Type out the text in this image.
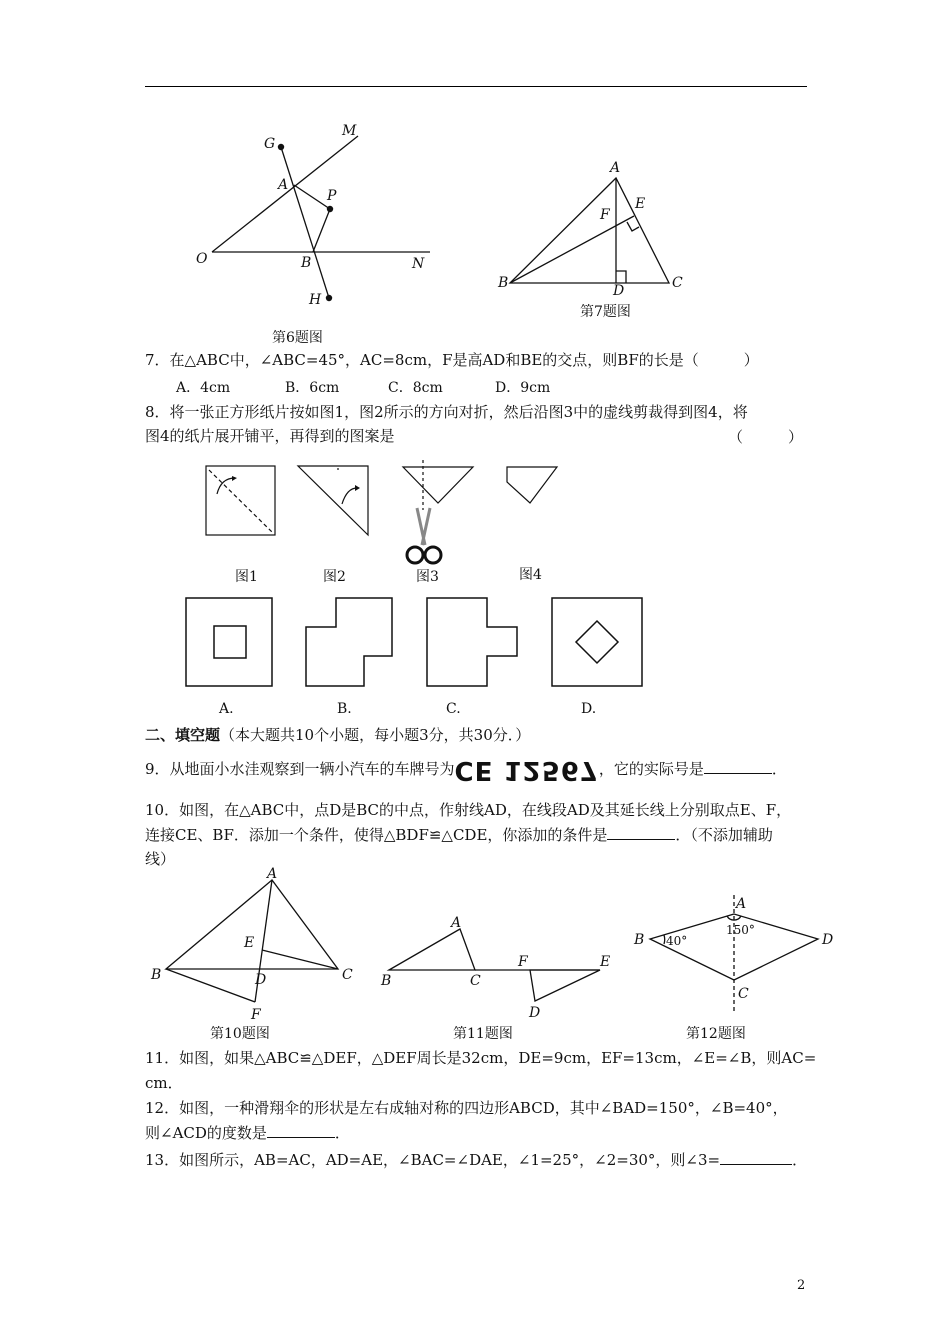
G
M
A
P
O	B	N
H
第6题图
A
E
F
B	D	C
第7题图
7．在△ABC中，∠ABC=45°，AC=8cm，F是高AD和BE的交点，则BF的长是（　　　）
A．4cm	B．6cm	C．8cm	D．9cm
8．将一张正方形纸片按如图1，图2所示的方向对折，然后沿图3中的虚线剪裁得到图4，将
图4的纸片展开铺平，再得到的图案是	（　　　）
图1	图2	图3	图4
A.	B.	C.	D.
二、填空题（本大题共10个小题，每小题3分，共30分．）
9．从地面小水洼观察到一辆小汽车的车牌号为CE 12567，它的实际号是	．
10．如图，在△ABC中，点D是BC的中点，作射线AD，在线段AD及其延长线上分别取点E、F，
连接CE、BF．添加一个条件，使得△BDF≌△CDE，你添加的条件是	．（不添加辅助
线）
A
E
B	D	C
F
第10题图
A
B	C
F	E
D
第11题图
A
B	D
C
40°
150°
第12题图
11．如图，如果△ABC≌△DEF，△DEF周长是32cm，DE=9cm，EF=13cm，∠E=∠B，则AC=
cm．
12．如图，一种滑翔伞的形状是左右成轴对称的四边形ABCD，其中∠BAD=150°，∠B=40°，
则∠ACD的度数是	．
13．如图所示，AB=AC，AD=AE，∠BAC=∠DAE，∠1=25°，∠2=30°，则∠3=	．
2
